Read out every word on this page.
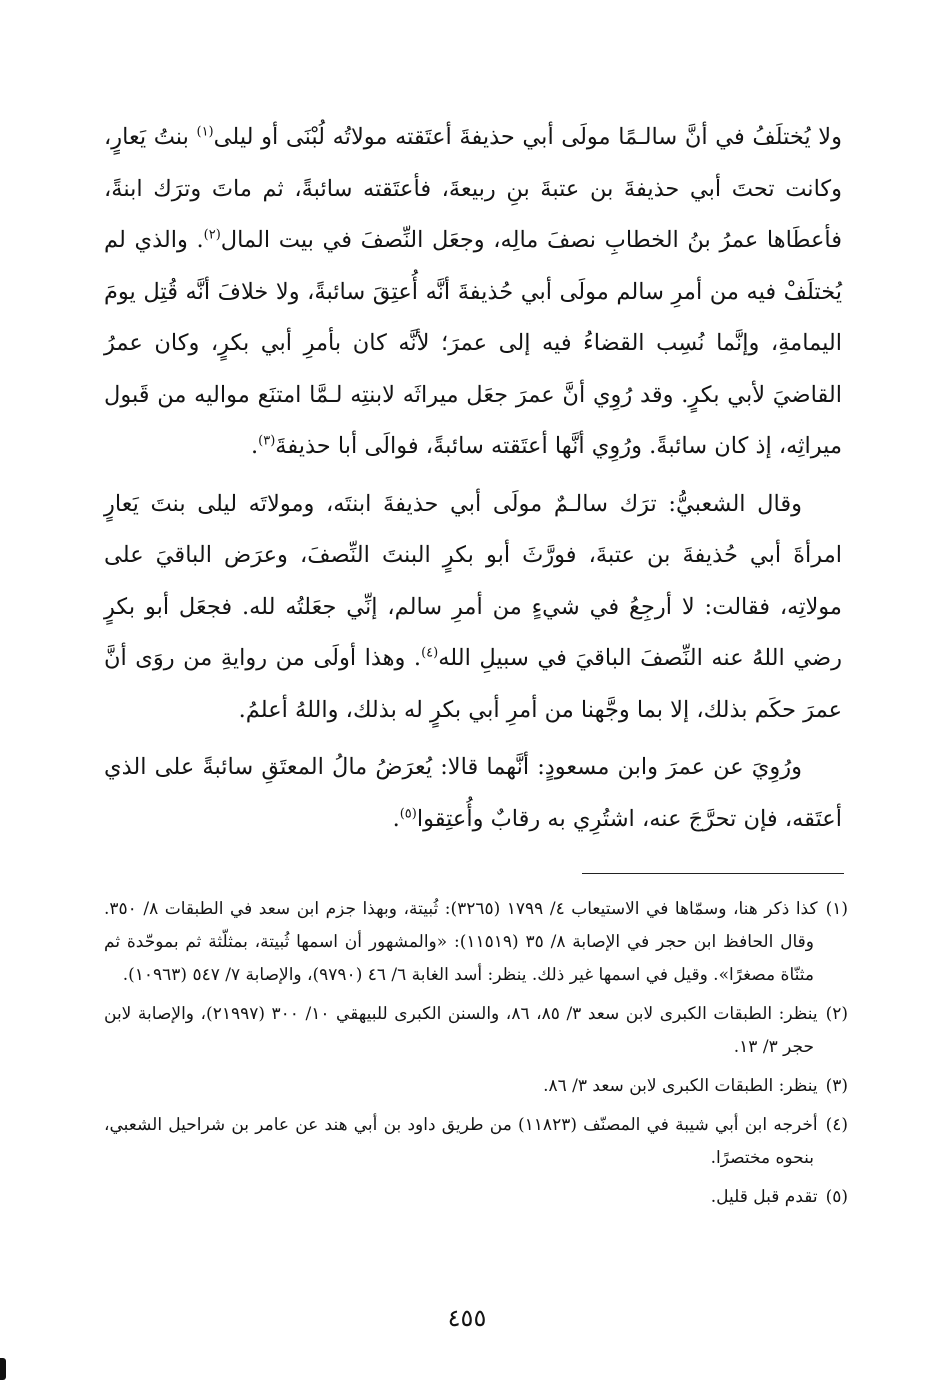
ولا يُختلَفُ في أنَّ سالـمًا مولَى أبي حذيفةَ أعتَقته مولاتُه لُبْنَى أو ليلى$^{(١)}$ بنتُ يَعارٍ، وكانت تحتَ أبي حذيفةَ بن عتبةَ بنِ ربيعةَ، فأعتَقته سائبةً، ثم ماتَ وترَك ابنةً، فأعطَاها عمرُ بنُ الخطابِ نصفَ مالِه، وجعَل النِّصفَ في بيت المال$^{(٢)}$. والذي لم يُختلَفْ فيه من أمرِ سالم مولَى أبي حُذيفةَ أنَّه أُعتِقَ سائبةً، ولا خلافَ أنَّه قُتِل يومَ اليمامةِ، وإنَّما نُسِب القضاءُ فيه إلى عمرَ؛ لأنَّه كان بأمرِ أبي بكرٍ، وكان عمرُ القاضيَ لأبي بكرٍ. وقد رُوِي أنَّ عمرَ جعَل ميراثَه لابنتِه لـمَّا امتنَع مواليه من قَبول ميراثِه، إذ كان سائبةً. ورُوِي أنَّها أعتَقته سائبةً، فوالَى أبا حذيفةَ$^{(٣)}$.

وقال الشعبيُّ: ترَك سالـمٌ مولَى أبي حذيفةَ ابنتَه، ومولاتَه ليلى بنتَ يَعارٍ امرأةَ أبي حُذيفةَ بن عتبةَ، فورَّثَ أبو بكرٍ البنتَ النِّصفَ، وعرَض الباقيَ على مولاتِه، فقالت: لا أرجِعُ في شيءٍ من أمرِ سالم، إنِّي جعَلتُه لله. فجعَل أبو بكرٍ رضي اللهُ عنه النِّصفَ الباقيَ في سبيلِ الله$^{(٤)}$. وهذا أولَى من روايةِ من روَى أنَّ عمرَ حكَم بذلك، إلا بما وجَّهنا من أمرِ أبي بكرٍ له بذلك، واللهُ أعلمُ.

ورُوِيَ عن عمرَ وابن مسعودٍ: أنَّهما قالا: يُعرَضُ مالُ المعتَقِ سائبةً على الذي أعتَقه، فإن تحرَّجَ عنه، اشتُرِي به رقابٌ وأُعتِقوا$^{(٥)}$.

(١)كذا ذكر هنا، وسمّاها في الاستيعاب ٤/ ١٧٩٩ (٣٢٦٥): ثُبيتة، وبهذا جزم ابن سعد في الطبقات ٨/ ٣٥٠. وقال الحافظ ابن حجر في الإصابة ٨/ ٣٥ (١١٥١٩): «والمشهور أن اسمها ثُبيتة، بمثلّثة ثم بموحّدة ثم مثنّاة مصغرًا». وقيل في اسمها غير ذلك. ينظر: أسد الغابة ٦/ ٤٦ (٩٧٩٠)، والإصابة ٧/ ٥٤٧ (١٠٩٦٣).

(٢)ينظر: الطبقات الكبرى لابن سعد ٣/ ٨٥، ٨٦، والسنن الكبرى للبيهقي ١٠/ ٣٠٠ (٢١٩٩٧)، والإصابة لابن حجر ٣/ ١٣.

(٣)ينظر: الطبقات الكبرى لابن سعد ٣/ ٨٦.

(٤)أخرجه ابن أبي شيبة في المصنّف (١١٨٢٣) من طريق داود بن أبي هند عن عامر بن شراحيل الشعبي، بنحوه مختصرًا.

(٥)تقدم قبل قليل.

٤٥٥
